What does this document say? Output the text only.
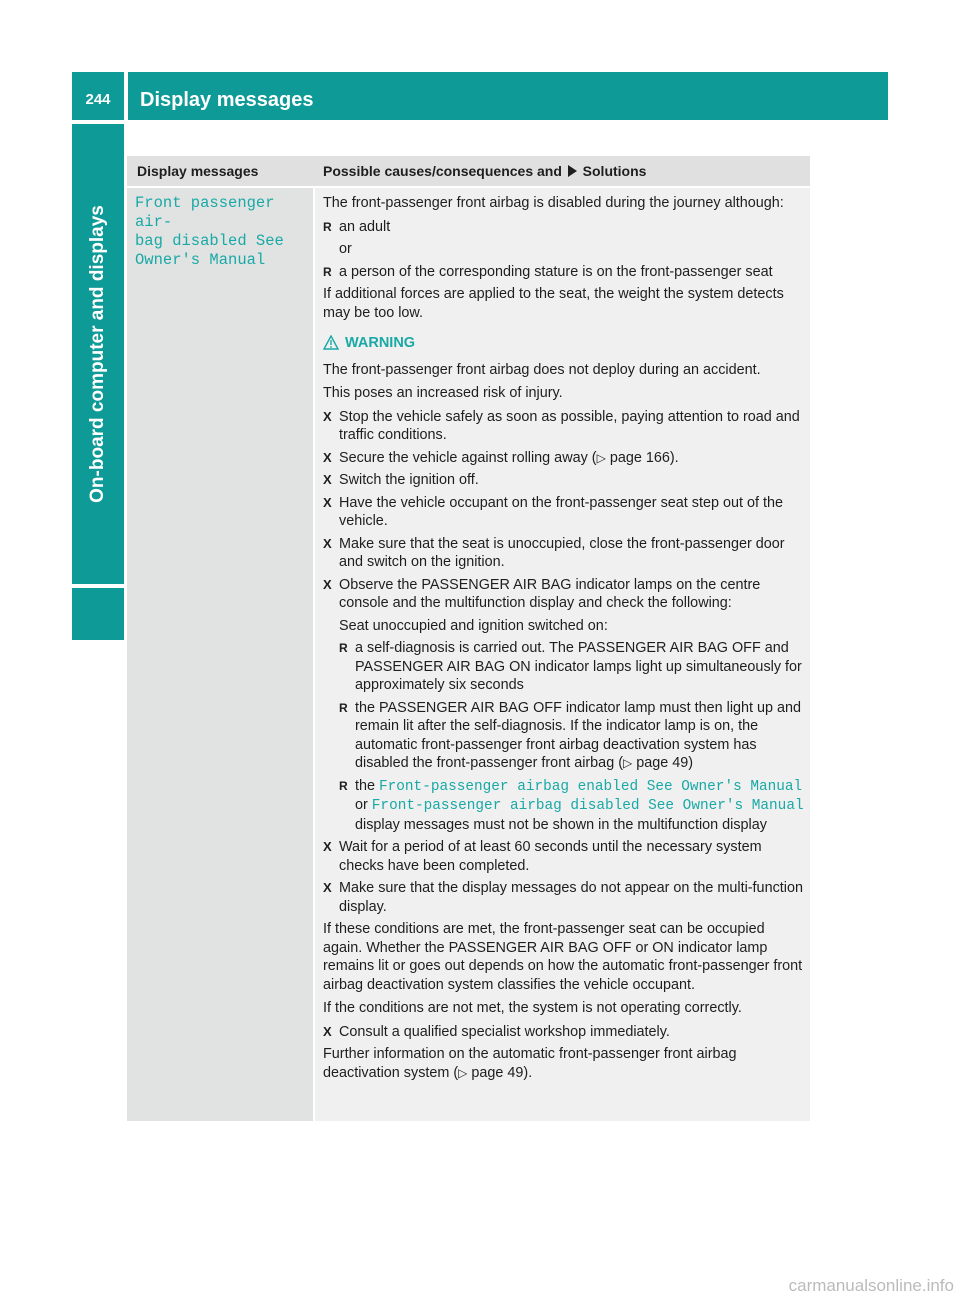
244	Display messages
On-board computer and displays
Display messages	Possible causes/consequences and Solutions
Front passenger air‐
bag disabled See
Owner's Manual
The front-passenger front airbag is disabled during the journey although:
R an adult
or
R a person of the corresponding stature is on the front-passenger seat
If additional forces are applied to the seat, the weight the system detects may be too low.
WARNING
The front-passenger front airbag does not deploy during an accident.
This poses an increased risk of injury.
X Stop the vehicle safely as soon as possible, paying attention to road and traffic conditions.
X Secure the vehicle against rolling away (▷ page 166).
X Switch the ignition off.
X Have the vehicle occupant on the front-passenger seat step out of the vehicle.
X Make sure that the seat is unoccupied, close the front-passenger door and switch on the ignition.
X Observe the PASSENGER AIR BAG indicator lamps on the centre console and the multifunction display and check the following:
Seat unoccupied and ignition switched on:
R a self-diagnosis is carried out. The PASSENGER AIR BAG OFF and PASSENGER AIR BAG ON indicator lamps light up simultaneously for approximately six seconds
R the PASSENGER AIR BAG OFF indicator lamp must then light up and remain lit after the self-diagnosis. If the indicator lamp is on, the automatic front-passenger front airbag deactivation system has disabled the front-passenger front airbag (▷ page 49)
R the Front-passenger airbag enabled See Owner's Manual
or Front-passenger airbag disabled See Owner's Manual
display messages must not be shown in the multifunction display
X Wait for a period of at least 60 seconds until the necessary system checks have been completed.
X Make sure that the display messages do not appear on the multi-function display.
If these conditions are met, the front-passenger seat can be occupied again. Whether the PASSENGER AIR BAG OFF or ON indicator lamp remains lit or goes out depends on how the automatic front-passenger front airbag deactivation system classifies the vehicle occupant.
If the conditions are not met, the system is not operating correctly.
X Consult a qualified specialist workshop immediately.
Further information on the automatic front-passenger front airbag deactivation system (▷ page 49).
carmanualsonline.info
